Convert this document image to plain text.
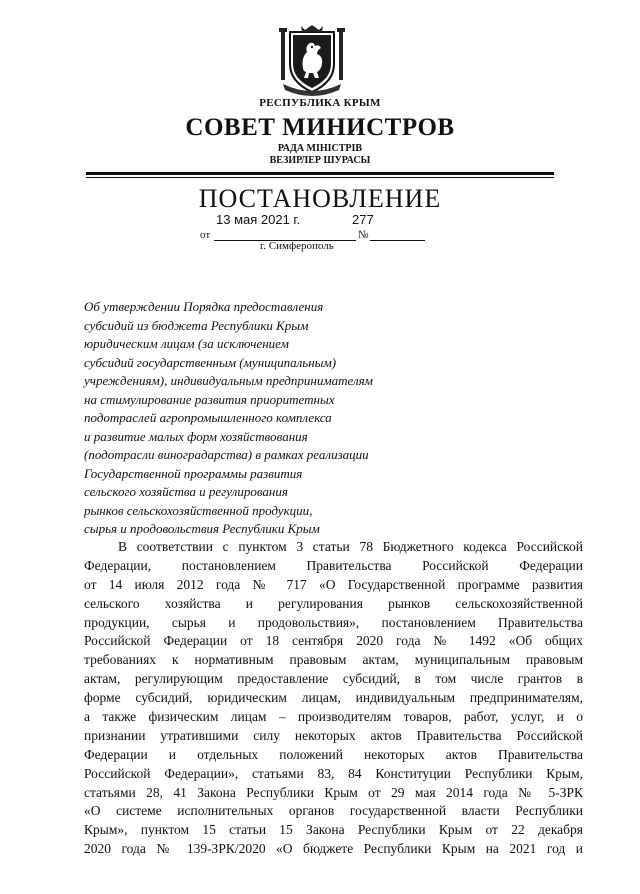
РЕСПУБЛИКА КРЫМ
СОВЕТ МИНИСТРОВ
РАДА МІНІСТРІВ
ВЕЗИРЛЕР ШУРАСЫ
ПОСТАНОВЛЕНИЕ
от	№
13 мая 2021 г.	277
г. Симферополь
Об утверждении Порядка предоставления
субсидий из бюджета Республики Крым
юридическим лицам (за исключением
субсидий государственным (муниципальным)
учреждениям), индивидуальным предпринимателям
на стимулирование развития приоритетных
подотраслей агропромышленного комплекса
и развитие малых форм хозяйствования
(подотрасли виноградарства) в рамках реализации
Государственной программы развития
сельского хозяйства и регулирования
рынков сельскохозяйственной продукции,
сырья и продовольствия Республики Крым
В соответствии с пунктом 3 статьи 78 Бюджетного кодекса Российской
Федерации, постановлением Правительства Российской Федерации
от 14 июля 2012 года № 717 «О Государственной программе развития
сельского хозяйства и регулирования рынков сельскохозяйственной
продукции, сырья и продовольствия», постановлением Правительства
Российской Федерации от 18 сентября 2020 года № 1492 «Об общих
требованиях к нормативным правовым актам, муниципальным правовым
актам, регулирующим предоставление субсидий, в том числе грантов в
форме субсидий, юридическим лицам, индивидуальным предпринимателям,
а также физическим лицам – производителям товаров, работ, услуг, и о
признании утратившими силу некоторых актов Правительства Российской
Федерации и отдельных положений некоторых актов Правительства
Российской Федерации», статьями 83, 84 Конституции Республики Крым,
статьями 28, 41 Закона Республики Крым от 29 мая 2014 года № 5-ЗРК
«О системе исполнительных органов государственной власти Республики
Крым», пунктом 15 статьи 15 Закона Республики Крым от 22 декабря
2020 года № 139-ЗРК/2020 «О бюджете Республики Крым на 2021 год и
